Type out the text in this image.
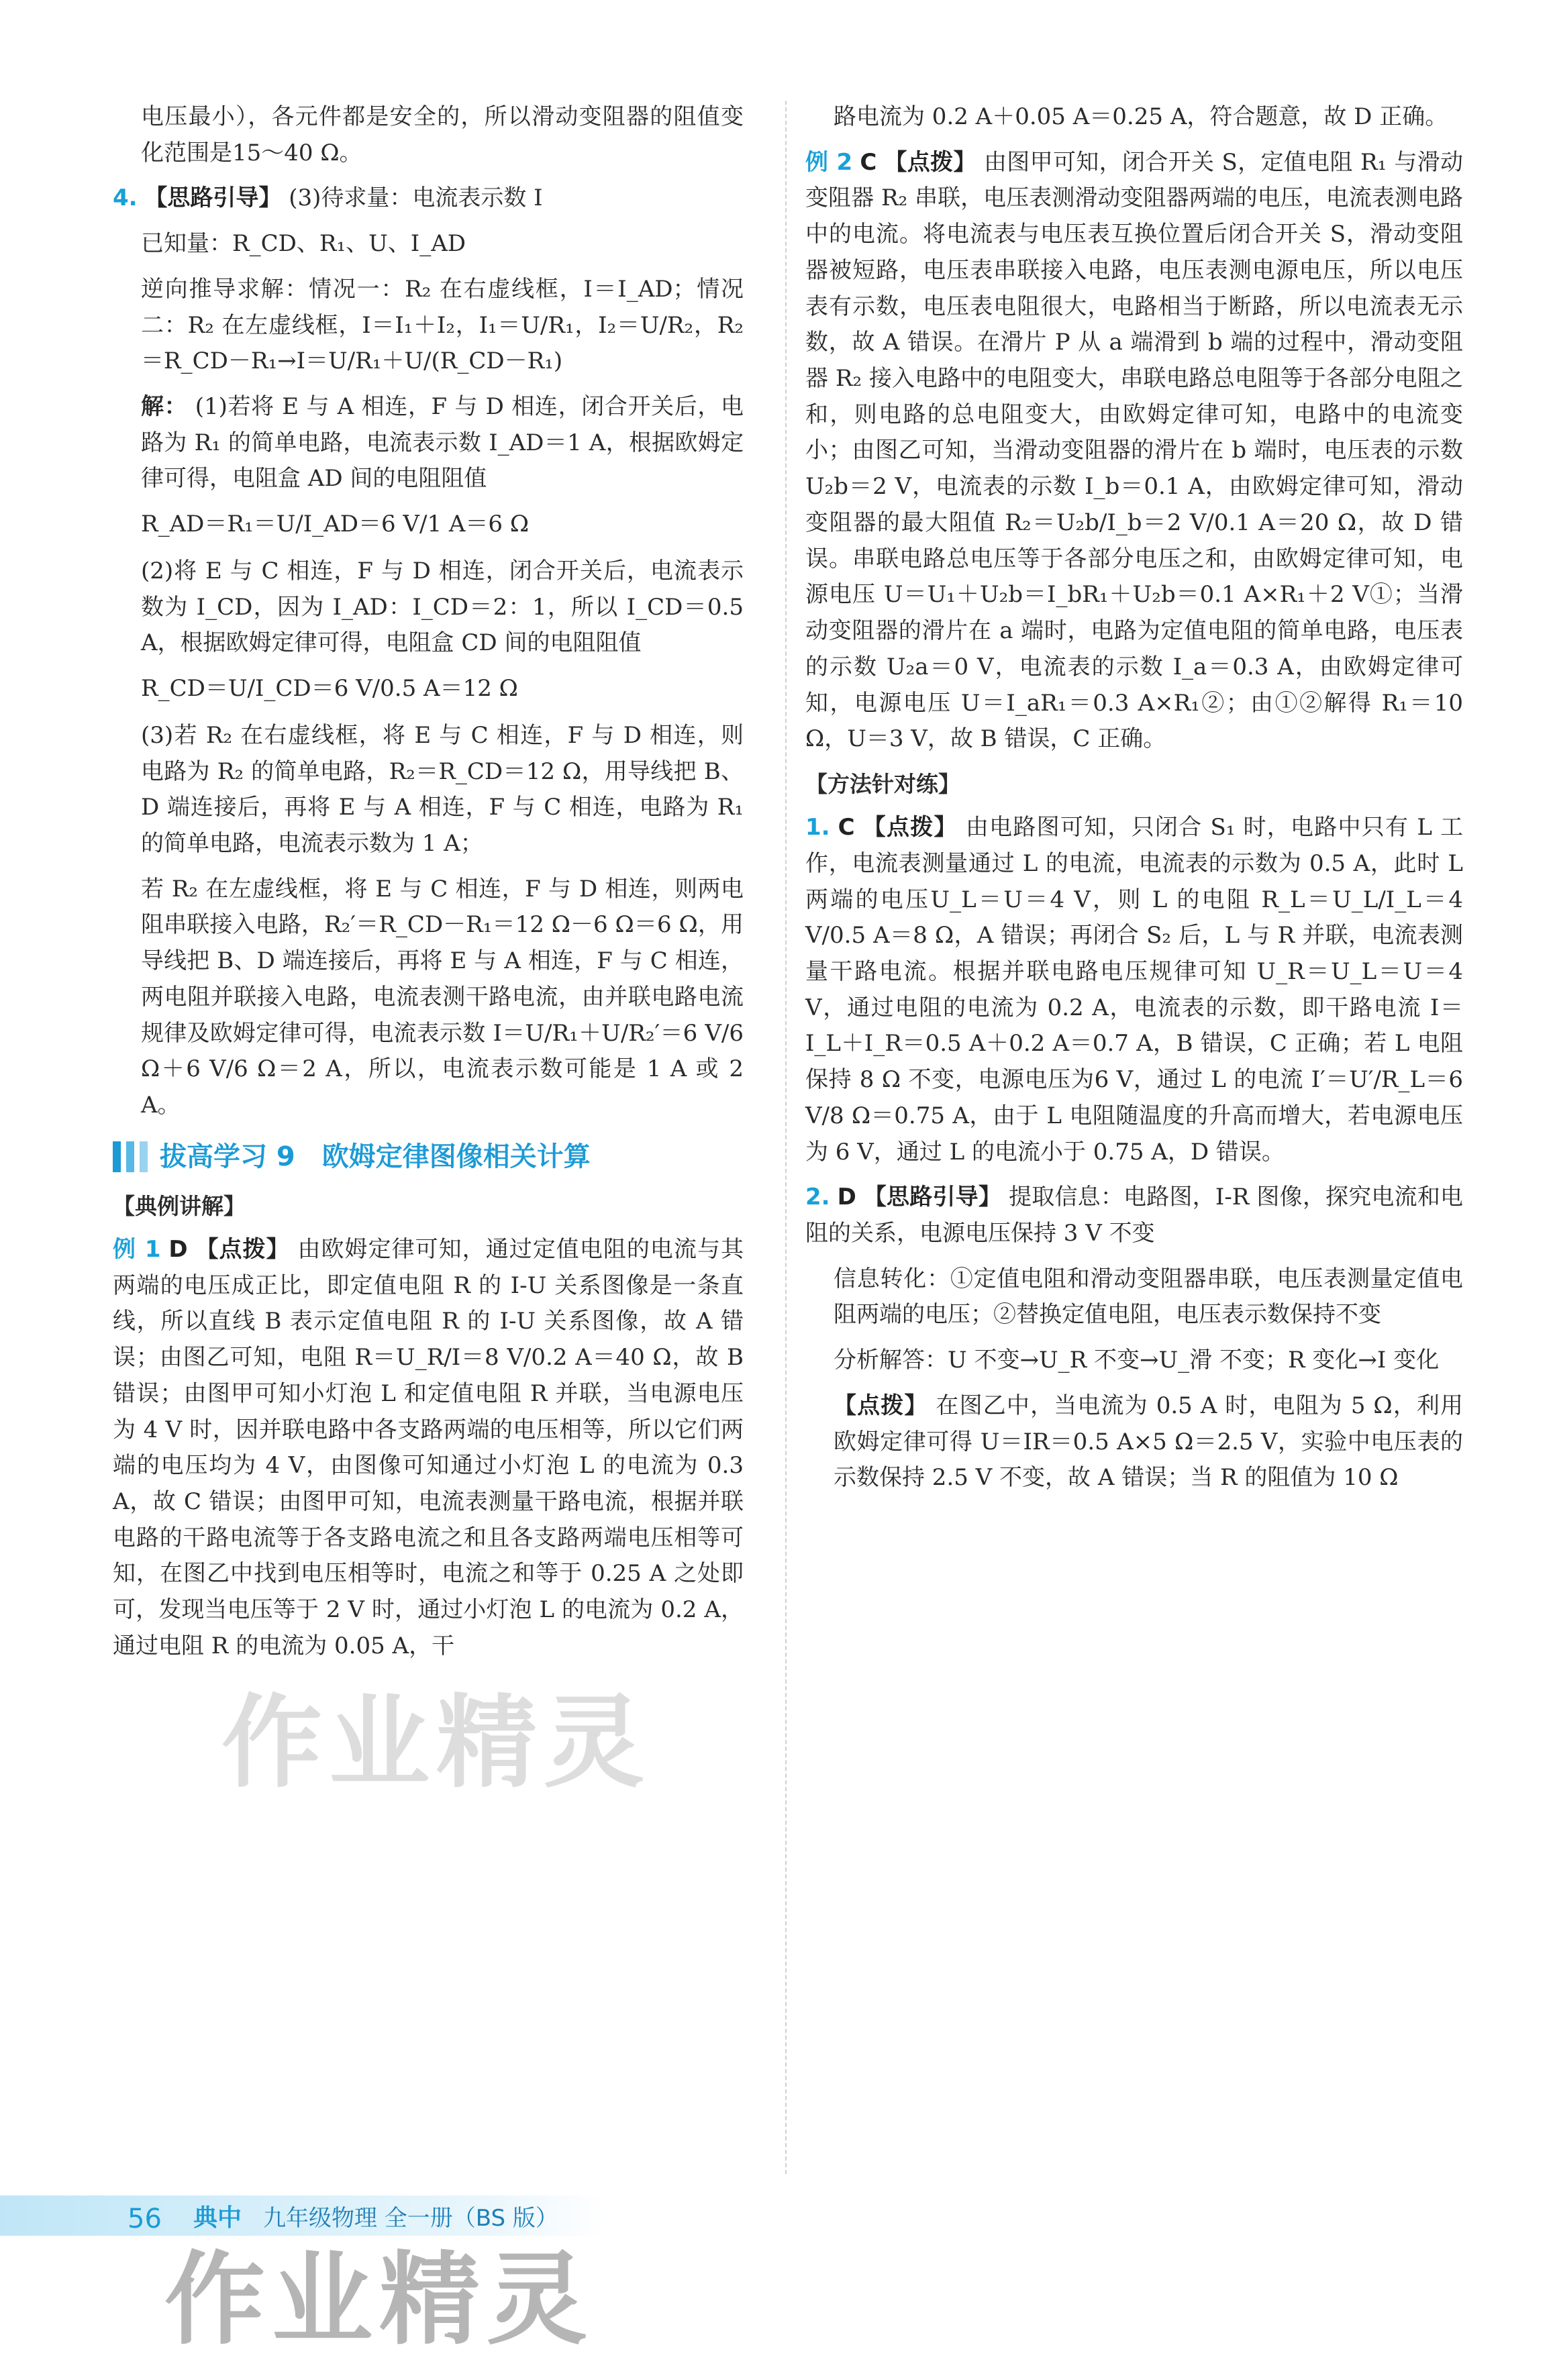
电压最小），各元件都是安全的，所以滑动变阻器的阻值变化范围是15～40 Ω。

4. 【思路引导】 (3)待求量：电流表示数 I

已知量：R_CD、R₁、U、I_AD

逆向推导求解：情况一：R₂ 在右虚线框，I＝I_AD；情况二：R₂ 在左虚线框，I＝I₁＋I₂，I₁＝U/R₁，I₂＝U/R₂，R₂＝R_CD－R₁→I＝U/R₁＋U/(R_CD－R₁)

解： (1)若将 E 与 A 相连，F 与 D 相连，闭合开关后，电路为 R₁ 的简单电路，电流表示数 I_AD＝1 A，根据欧姆定律可得，电阻盒 AD 间的电阻阻值

R_AD＝R₁＝U/I_AD＝6 V/1 A＝6 Ω

(2)将 E 与 C 相连，F 与 D 相连，闭合开关后，电流表示数为 I_CD，因为 I_AD：I_CD＝2：1，所以 I_CD＝0.5 A，根据欧姆定律可得，电阻盒 CD 间的电阻阻值

R_CD＝U/I_CD＝6 V/0.5 A＝12 Ω

(3)若 R₂ 在右虚线框，将 E 与 C 相连，F 与 D 相连，则电路为 R₂ 的简单电路，R₂＝R_CD＝12 Ω，用导线把 B、D 端连接后，再将 E 与 A 相连，F 与 C 相连，电路为 R₁ 的简单电路，电流表示数为 1 A；

若 R₂ 在左虚线框，将 E 与 C 相连，F 与 D 相连，则两电阻串联接入电路，R₂′＝R_CD－R₁＝12 Ω－6 Ω＝6 Ω，用导线把 B、D 端连接后，再将 E 与 A 相连，F 与 C 相连，两电阻并联接入电路，电流表测干路电流，由并联电路电流规律及欧姆定律可得，电流表示数 I＝U/R₁＋U/R₂′＝6 V/6 Ω＋6 V/6 Ω＝2 A，所以，电流表示数可能是 1 A 或 2 A。

拔高学习 9　欧姆定律图像相关计算
【典例讲解】

例 1 D 【点拨】 由欧姆定律可知，通过定值电阻的电流与其两端的电压成正比，即定值电阻 R 的 I-U 关系图像是一条直线，所以直线 B 表示定值电阻 R 的 I-U 关系图像，故 A 错误；由图乙可知，电阻 R＝U_R/I＝8 V/0.2 A＝40 Ω，故 B 错误；由图甲可知小灯泡 L 和定值电阻 R 并联，当电源电压为 4 V 时，因并联电路中各支路两端的电压相等，所以它们两端的电压均为 4 V，由图像可知通过小灯泡 L 的电流为 0.3 A，故 C 错误；由图甲可知，电流表测量干路电流，根据并联电路的干路电流等于各支路电流之和且各支路两端电压相等可知，在图乙中找到电压相等时，电流之和等于 0.25 A 之处即可，发现当电压等于 2 V 时，通过小灯泡 L 的电流为 0.2 A，通过电阻 R 的电流为 0.05 A，干

路电流为 0.2 A＋0.05 A＝0.25 A，符合题意，故 D 正确。

例 2 C 【点拨】 由图甲可知，闭合开关 S，定值电阻 R₁ 与滑动变阻器 R₂ 串联，电压表测滑动变阻器两端的电压，电流表测电路中的电流。将电流表与电压表互换位置后闭合开关 S，滑动变阻器被短路，电压表串联接入电路，电压表测电源电压，所以电压表有示数，电压表电阻很大，电路相当于断路，所以电流表无示数，故 A 错误。在滑片 P 从 a 端滑到 b 端的过程中，滑动变阻器 R₂ 接入电路中的电阻变大，串联电路总电阻等于各部分电阻之和，则电路的总电阻变大，由欧姆定律可知，电路中的电流变小；由图乙可知，当滑动变阻器的滑片在 b 端时，电压表的示数 U₂b＝2 V，电流表的示数 I_b＝0.1 A，由欧姆定律可知，滑动变阻器的最大阻值 R₂＝U₂b/I_b＝2 V/0.1 A＝20 Ω，故 D 错误。串联电路总电压等于各部分电压之和，由欧姆定律可知，电源电压 U＝U₁＋U₂b＝I_bR₁＋U₂b＝0.1 A×R₁＋2 V①；当滑动变阻器的滑片在 a 端时，电路为定值电阻的简单电路，电压表的示数 U₂a＝0 V，电流表的示数 I_a＝0.3 A，由欧姆定律可知，电源电压 U＝I_aR₁＝0.3 A×R₁②；由①②解得 R₁＝10 Ω，U＝3 V，故 B 错误，C 正确。

【方法针对练】

1. C 【点拨】 由电路图可知，只闭合 S₁ 时，电路中只有 L 工作，电流表测量通过 L 的电流，电流表的示数为 0.5 A，此时 L 两端的电压U_L＝U＝4 V，则 L 的电阻 R_L＝U_L/I_L＝4 V/0.5 A＝8 Ω，A 错误；再闭合 S₂ 后，L 与 R 并联，电流表测量干路电流。根据并联电路电压规律可知 U_R＝U_L＝U＝4 V，通过电阻的电流为 0.2 A，电流表的示数，即干路电流 I＝I_L＋I_R＝0.5 A＋0.2 A＝0.7 A，B 错误，C 正确；若 L 电阻保持 8 Ω 不变，电源电压为6 V，通过 L 的电流 I′＝U′/R_L＝6 V/8 Ω＝0.75 A，由于 L 电阻随温度的升高而增大，若电源电压为 6 V，通过 L 的电流小于 0.75 A，D 错误。

2. D 【思路引导】 提取信息：电路图，I-R 图像，探究电流和电阻的关系，电源电压保持 3 V 不变

信息转化：①定值电阻和滑动变阻器串联，电压表测量定值电阻两端的电压；②替换定值电阻，电压表示数保持不变

分析解答：U 不变→U_R 不变→U_滑 不变；R 变化→I 变化

【点拨】 在图乙中，当电流为 0.5 A 时，电阻为 5 Ω，利用欧姆定律可得 U＝IR＝0.5 A×5 Ω＝2.5 V，实验中电压表的示数保持 2.5 V 不变，故 A 错误；当 R 的阻值为 10 Ω

作业精灵
56 典中 九年级物理 全一册（BS 版）
作业精灵
